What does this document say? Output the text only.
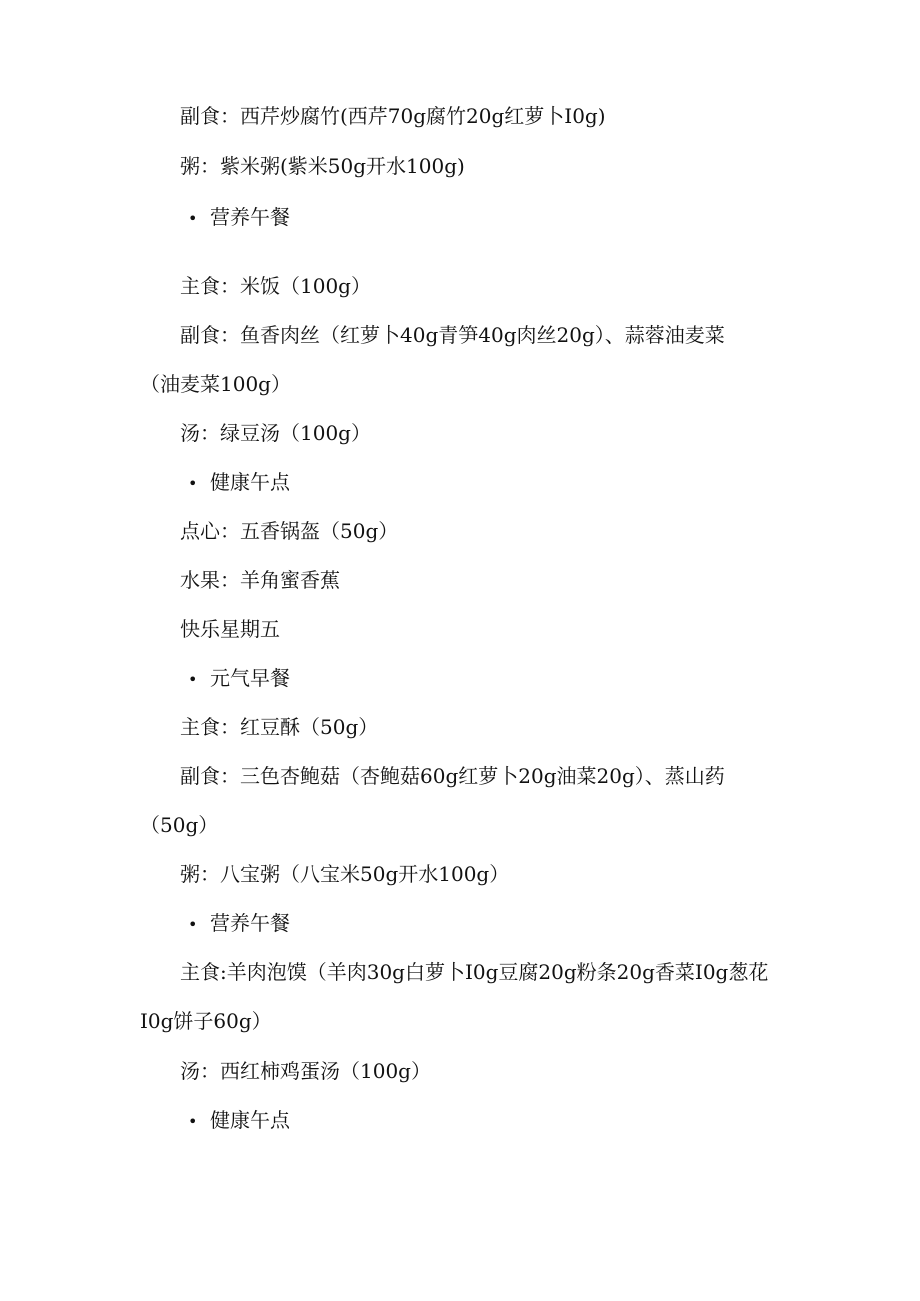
副食：西芹炒腐竹(西芹70g腐竹20g红萝卜I0g)
粥：紫米粥(紫米50g开水100g)
• 营养午餐
主食：米饭（100g）
副食：鱼香肉丝（红萝卜40g青笋40g肉丝20g）、蒜蓉油麦菜
（油麦菜100g）
汤：绿豆汤（100g）
• 健康午点
点心：五香锅盔（50g）
水果：羊角蜜香蕉
快乐星期五
• 元气早餐
主食：红豆酥（50g）
副食：三色杏鲍菇（杏鲍菇60g红萝卜20g油菜20g）、蒸山药
（50g）
粥：八宝粥（八宝米50g开水100g）
• 营养午餐
主食:羊肉泡馍（羊肉30g白萝卜I0g豆腐20g粉条20g香菜I0g葱花
I0g饼子60g）
汤：西红柿鸡蛋汤（100g）
• 健康午点
